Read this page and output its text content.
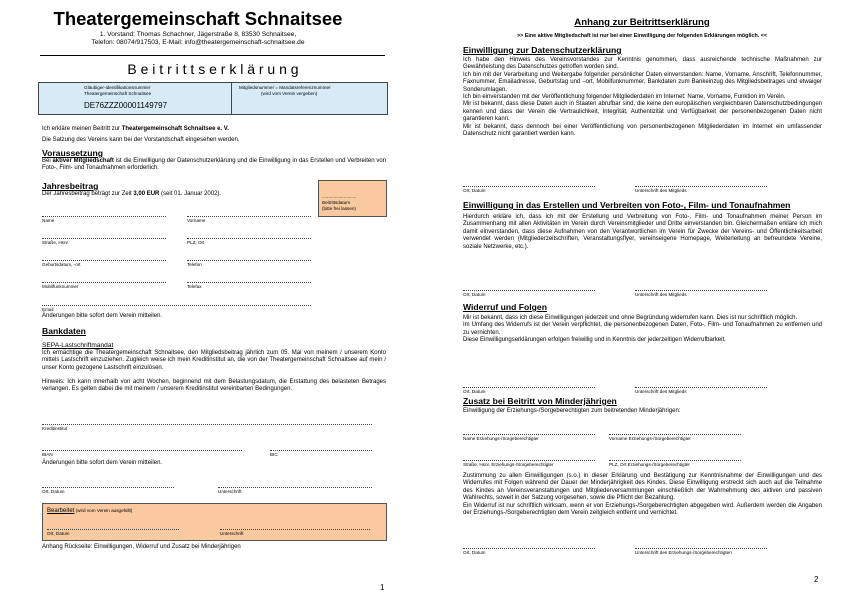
Theatergemeinschaft Schnaitsee
1. Vorstand: Thomas Schachner, Jägerstraße 8, 83530 Schnaitsee,
Telefon: 08074/917503, E-Mail: info@theatergemeinschaft-schnaitsee.de
B e i t r i t t s e r k l ä r u n g
Gläubiger-Identifikationsnummer
Theatergemeinschaft Schnaitsee
DE76ZZZ00001149797
Mitgliedsnummer = Mandatsreferenznummer
(wird vom Verein vergeben)
Ich erkläre meinen Beitritt zur Theatergemeinschaft Schnaitsee e. V.
Die Satzung des Vereins kann bei der Vorstandschaft eingesehen werden.
Voraussetzung
Bei aktiver Mitgliedschaft ist die Einwilligung der Datenschutzerklärung und die Einwilligung in das Erstellen und Verbreiten von Foto-, Film- und Tonaufnahmen erforderlich.
Jahresbeitrag
Der Jahresbeitrag beträgt zur Zeit 3,00 EUR (seit 01. Januar 2002).	...........................
Beitrittsdatum
(bitte frei lassen)
Name	Vorname
Straße, Hsnr.	PLZ, Ort
Geburtsdatum, -ort	Telefon
Mobilfunknummer	Telefax
Email
Änderungen bitte sofort dem Verein mitteilen.
Bankdaten
SEPA-Lastschriftmandat
Ich ermächtige die Theatergemeinschaft Schnaitsee, den Mitgliedsbeitrag jährlich zum 05. Mai von meinem / unserem Konto mittels Lastschrift einzuziehen. Zugleich weise ich mein Kreditinstitut an, die von der Theatergemeinschaft Schnaitsee auf mein / unser Konto gezogene Lastschrift einzulösen.
Hinweis: Ich kann innerhalb von acht Wochen, beginnend mit dem Belastungsdatum, die Erstattung des belasteten Betrages verlangen. Es gelten dabei die mit meinem / unserem Kreditinstitut vereinbarten Bedingungen.
Kreditinstitut
IBAN	BIC
Änderungen bitte sofort dem Verein mitteilen.
Ort, Datum	Unterschrift
Bearbeitet (wird vom Verein ausgefüllt)
Ort, Datum	Unterschrift
Anhang Rückseite: Einwilligungen, Widerruf und Zusatz bei Minderjährigen
1
Anhang zur Beitrittserklärung
>> Eine aktive Mitgliedschaft ist nur bei einer Einwilligung der folgenden Erklärungen möglich. <<
Einwilligung zur Datenschutzerklärung
Ich habe den Hinweis des Vereinsvorstandes zur Kenntnis genommen, dass ausreichende technische Maßnahmen zur Gewährleistung des Datenschutzes getroffen worden sind.
Ich bin mit der Verarbeitung und Weitergabe folgender persönlicher Daten einverstanden: Name, Vorname, Anschrift, Telefonnummer, Faxnummer, Emailadresse, Geburtstag und –ort, Mobilfunknummer, Bankdaten zum Bankeinzug des Mitgliedsbeitrages und etwaiger Sonderumlagen.
Ich bin einverstanden mit der Veröffentlichung folgender Mitgliederdaten im Internet: Name, Vorname, Funktion im Verein.
Mir ist bekannt, dass diese Daten auch in Staaten abrufbar sind, die keine den europäischen vergleichbaren Datenschutzbedingungen kennen und dass der Verein die Vertraulichkeit, Integrität, Authentizität und Verfügbarkeit der personenbezogenen Daten nicht garantieren kann.
Mir ist bekannt, dass dennoch bei einer Veröffentlichung von personenbezogenen Mitgliederdaten im Internet ein umfassender Datenschutz nicht garantiert werden kann.
Ort, Datum	Unterschrift des Mitglieds
Einwilligung in das Erstellen und Verbreiten von Foto-, Film- und Tonaufnahmen
Hierdurch erkläre ich, dass ich mit der Erstellung und Verbreitung von Foto-, Film- und Tonaufnahmen meiner Person im Zusammenhang mit allen Aktivitäten im Verein durch Vereinsmitglieder und Dritte einverstanden bin. Gleichermaßen erkläre ich mich damit einverstanden, dass diese Aufnahmen von den Verantwortlichen im Verein für Zwecke der Vereins- und Öffentlichkeitsarbeit verwendet werden (Mitgliederzeitschriften, Veranstaltungsflyer, vereinseigene Homepage, Weiterleitung an befreundete Vereine, soziale Netzwerke, etc.).
Ort, Datum	Unterschrift des Mitglieds
Widerruf und Folgen
Mir ist bekannt, dass ich diese Einwilligungen jederzeit und ohne Begründung widerrufen kann. Dies ist nur schriftlich möglich.
Im Umfang des Widerrufs ist der Verein verpflichtet, die personenbezogenen Daten, Foto-, Film- und Tonaufnahmen zu entfernen und zu vernichten.
Diese Einwilligungserklärungen erfolgen freiwillig und in Kenntnis der jederzeitigen Widerrufbarkeit.
Ort, Datum	Unterschrift des Mitglieds
Zusatz bei Beitritt von Minderjährigen
Einwilligung der Erziehungs-/Sorgeberechtigten zum beitretenden Minderjährigen:
Name Erziehungs-/Sorgeberechtigter	Vorname Erziehungs-/Sorgeberechtigter
Straße, Hsnr. Erziehungs-/Sorgeberechtigter	PLZ, Ort Erziehungs-/Sorgeberechtigter
Zustimmung zu allen Einwilligungen (s.o.) in dieser Erklärung und Bestätigung zur Kenntnisnahme der Einwilligungen und des Widerrufes mit Folgen während der Dauer der Minderjährigkeit des Kindes. Diese Einwilligung erstreckt sich auch auf die Teilnahme des Kindes an Vereinsveranstaltungen und Mitgliederversammlungen einschließlich der Wahrnehmung des aktiven und passiven Wahlrechts, soweit in der Satzung vorgesehen, sowie die Pflicht der Bezahlung.
Ein Widerruf ist nur schriftlich wirksam, wenn er von Erziehungs-/Sorgeberechtigten abgegeben wird. Außerdem werden die Angaben der Erziehungs-/Sorgeberechtigten dem Verein zeitgleich entfernt und vernichtet.
Ort, Datum	Unterschrift des Erziehungs-/Sorgeberechtigten
2
